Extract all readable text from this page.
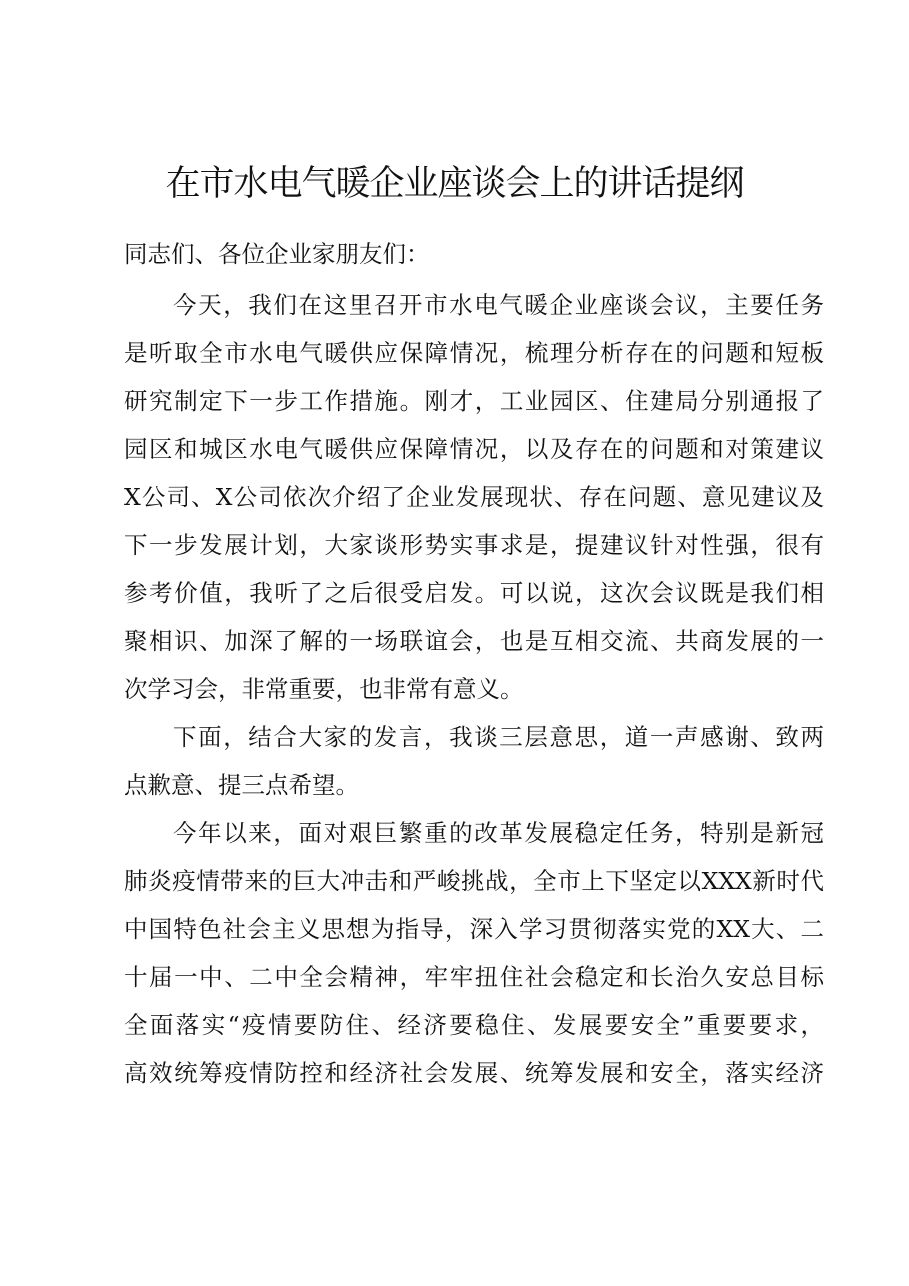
在市水电气暖企业座谈会上的讲话提纲
同志们、各位企业家朋友们：
今天，我们在这里召开市水电气暖企业座谈会议，主要任务
是听取全市水电气暖供应保障情况，梳理分析存在的问题和短板
研究制定下一步工作措施。刚才，工业园区、住建局分别通报了
园区和城区水电气暖供应保障情况，以及存在的问题和对策建议
X公司、X公司依次介绍了企业发展现状、存在问题、意见建议及
下一步发展计划，大家谈形势实事求是，提建议针对性强，很有
参考价值，我听了之后很受启发。可以说，这次会议既是我们相
聚相识、加深了解的一场联谊会，也是互相交流、共商发展的一
次学习会，非常重要，也非常有意义。
下面，结合大家的发言，我谈三层意思，道一声感谢、致两
点歉意、提三点希望。
今年以来，面对艰巨繁重的改革发展稳定任务，特别是新冠
肺炎疫情带来的巨大冲击和严峻挑战，全市上下坚定以XXX新时代
中国特色社会主义思想为指导，深入学习贯彻落实党的XX大、二
十届一中、二中全会精神，牢牢扭住社会稳定和长治久安总目标
全面落实“疫情要防住、经济要稳住、发展要安全”重要要求，
高效统筹疫情防控和经济社会发展、统筹发展和安全，落实经济
